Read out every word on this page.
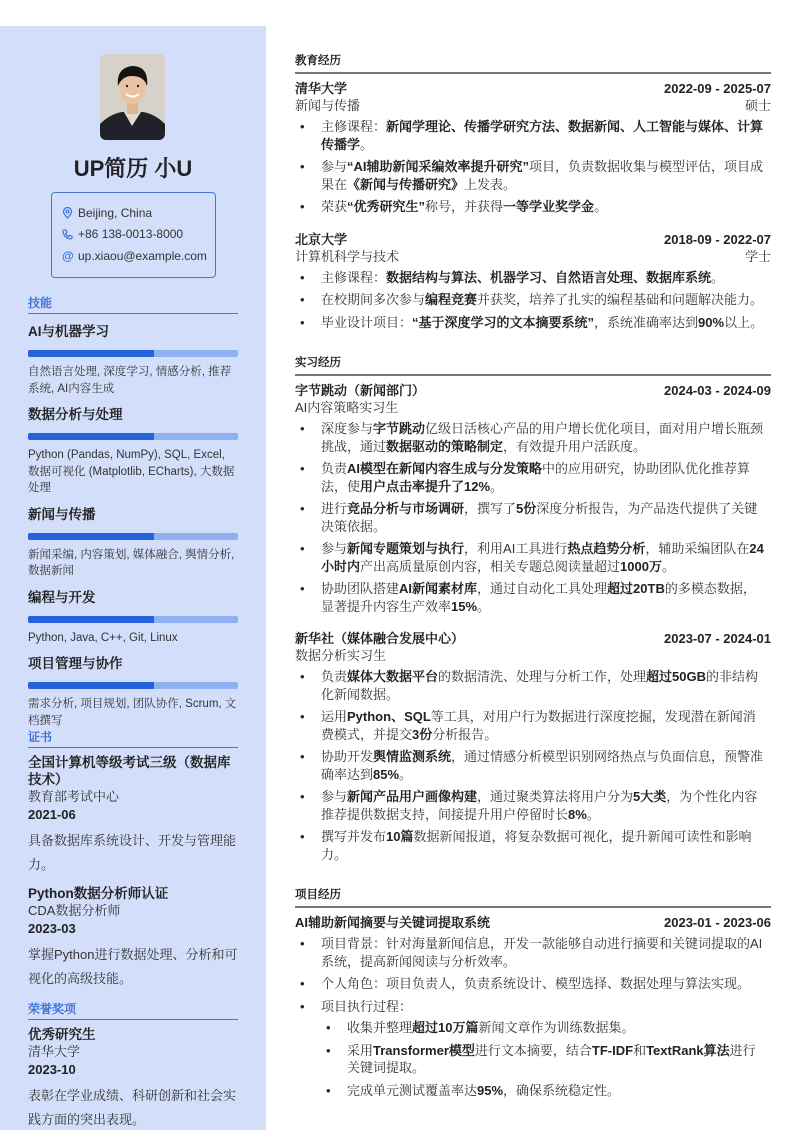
UP简历 小U
Beijing, China
+86 138-0013-8000
@ up.xiaou@example.com
技能
AI与机器学习
自然语言处理, 深度学习, 情感分析, 推荐系统, AI内容生成
数据分析与处理
Python (Pandas, NumPy), SQL, Excel, 数据可视化 (Matplotlib, ECharts), 大数据处理
新闻与传播
新闻采编, 内容策划, 媒体融合, 舆情分析, 数据新闻
编程与开发
Python, Java, C++, Git, Linux
项目管理与协作
需求分析, 项目规划, 团队协作, Scrum, 文档撰写
证书
全国计算机等级考试三级（数据库技术）
教育部考试中心
2021-06
具备数据库系统设计、开发与管理能力。
Python数据分析师认证
CDA数据分析师
2023-03
掌握Python进行数据处理、分析和可视化的高级技能。
荣誉奖项
优秀研究生
清华大学
2023-10
表彰在学业成绩、科研创新和社会实践方面的突出表现。
教育经历
清华大学	2022-09 - 2025-07
新闻与传播	硕士
• 主修课程：新闻学理论、传播学研究方法、数据新闻、人工智能与媒体、计算传播学。
• 参与“AI辅助新闻采编效率提升研究”项目，负责数据收集与模型评估，项目成果在《新闻与传播研究》上发表。
• 荣获“优秀研究生”称号，并获得一等学业奖学金。
北京大学	2018-09 - 2022-07
计算机科学与技术	学士
• 主修课程：数据结构与算法、机器学习、自然语言处理、数据库系统。
• 在校期间多次参与编程竞赛并获奖，培养了扎实的编程基础和问题解决能力。
• 毕业设计项目：“基于深度学习的文本摘要系统”，系统准确率达到90%以上。
实习经历
字节跳动（新闻部门）	2024-03 - 2024-09
AI内容策略实习生
• 深度参与字节跳动亿级日活核心产品的用户增长优化项目，面对用户增长瓶颈挑战，通过数据驱动的策略制定，有效提升用户活跃度。
• 负责AI模型在新闻内容生成与分发策略中的应用研究，协助团队优化推荐算法，使用户点击率提升了12%。
• 进行竞品分析与市场调研，撰写了5份深度分析报告，为产品迭代提供了关键决策依据。
• 参与新闻专题策划与执行，利用AI工具进行热点趋势分析，辅助采编团队在24小时内产出高质量原创内容，相关专题总阅读量超过1000万。
• 协助团队搭建AI新闻素材库，通过自动化工具处理超过20TB的多模态数据，显著提升内容生产效率15%。
新华社（媒体融合发展中心）	2023-07 - 2024-01
数据分析实习生
• 负责媒体大数据平台的数据清洗、处理与分析工作，处理超过50GB的非结构化新闻数据。
• 运用Python、SQL等工具，对用户行为数据进行深度挖掘，发现潜在新闻消费模式，并提交3份分析报告。
• 协助开发舆情监测系统，通过情感分析模型识别网络热点与负面信息，预警准确率达到85%。
• 参与新闻产品用户画像构建，通过聚类算法将用户分为5大类，为个性化内容推荐提供数据支持，间接提升用户停留时长8%。
• 撰写并发布10篇数据新闻报道，将复杂数据可视化，提升新闻可读性和影响力。
项目经历
AI辅助新闻摘要与关键词提取系统	2023-01 - 2023-06
• 项目背景：针对海量新闻信息，开发一款能够自动进行摘要和关键词提取的AI系统，提高新闻阅读与分析效率。
• 个人角色：项目负责人，负责系统设计、模型选择、数据处理与算法实现。
• 项目执行过程：
• 收集并整理超过10万篇新闻文章作为训练数据集。
• 采用Transformer模型进行文本摘要，结合TF-IDF和TextRank算法进行关键词提取。
• 完成单元测试覆盖率达95%，确保系统稳定性。
